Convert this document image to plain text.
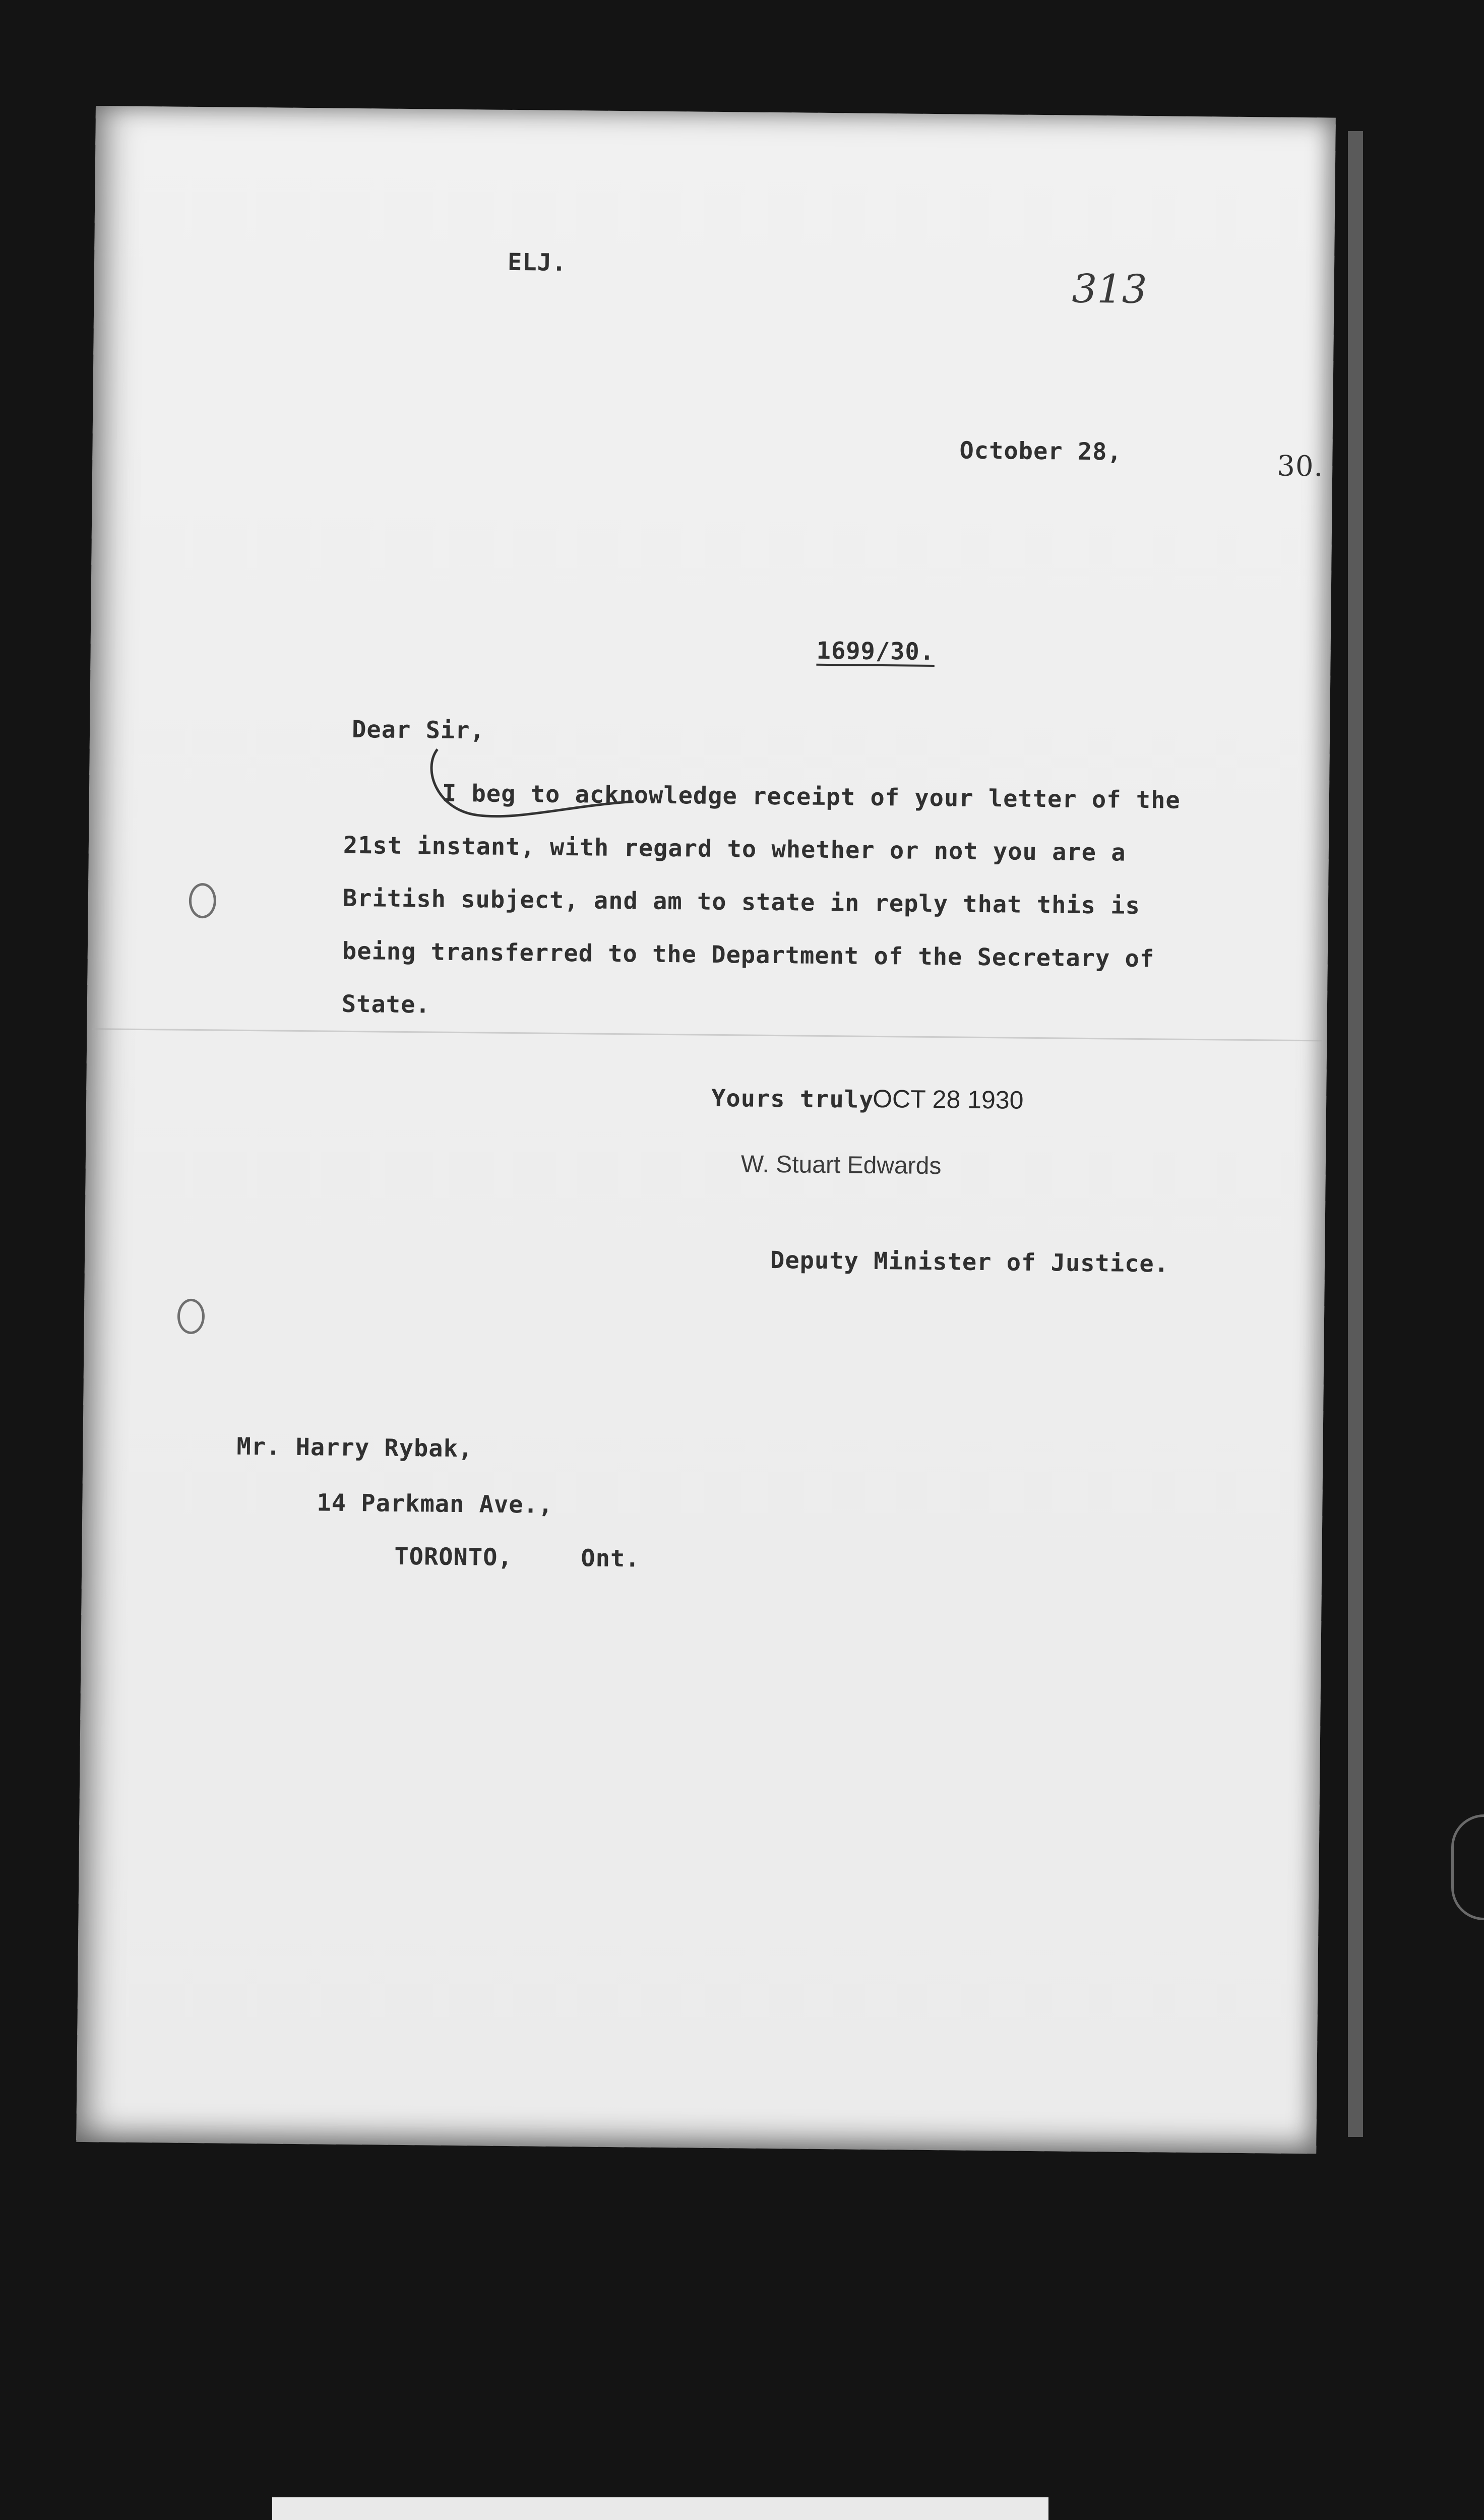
ELJ.
313
October 28,	30.
1699/30.
Dear Sir,
I beg to acknowledge receipt of your letter of the
21st instant, with regard to whether or not you are a
British subject, and am to state in reply that this is
being transferred to the Department of the Secretary of
State.
Yours truly
OCT 28 1930
W. Stuart Edwards
Deputy Minister of Justice.
Mr. Harry Rybak,
14 Parkman Ave.,
TORONTO,	Ont.
